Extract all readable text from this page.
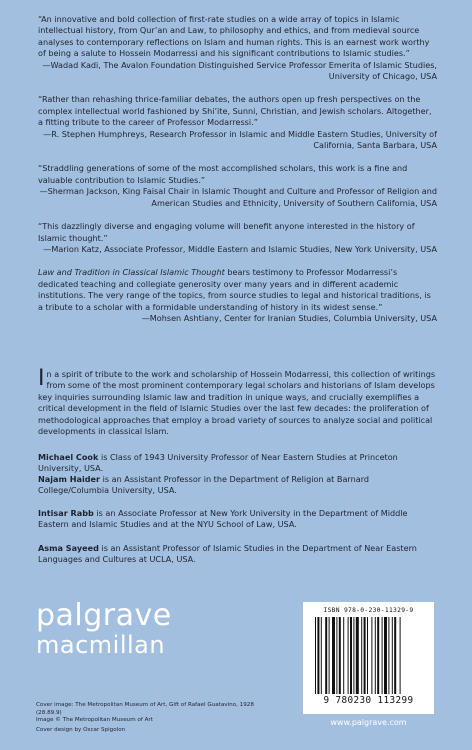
“An innovative and bold collection of first-rate studies on a wide array of topics in Islamic intellectual history, from Qur’an and Law, to philosophy and ethics, and from medieval source analyses to contemporary reflections on Islam and human rights. This is an earnest work worthy of being a salute to Hossein Modarressi and his significant contributions to Islamic studies.”
—Wadad Kadi, The Avalon Foundation Distinguished Service Professor Emerita of Islamic Studies, University of Chicago, USA
“Rather than rehashing thrice-familiar debates, the authors open up fresh perspectives on the complex intellectual world fashioned by Shi’ite, Sunni, Christian, and Jewish scholars. Altogether, a fitting tribute to the career of Professor Modarressi.”
—R. Stephen Humphreys, Research Professor in Islamic and Middle Eastern Studies, University of California, Santa Barbara, USA
“Straddling generations of some of the most accomplished scholars, this work is a fine and valuable contribution to Islamic Studies.”
—Sherman Jackson, King Faisal Chair in Islamic Thought and Culture and Professor of Religion and American Studies and Ethnicity, University of Southern California, USA
“This dazzlingly diverse and engaging volume will benefit anyone interested in the history of Islamic thought.”
—Marion Katz, Associate Professor, Middle Eastern and Islamic Studies, New York University, USA
Law and Tradition in Classical Islamic Thought bears testimony to Professor Modarressi’s dedicated teaching and collegiate generosity over many years and in different academic institutions. The very range of the topics, from source studies to legal and historical traditions, is a tribute to a scholar with a formidable understanding of history in its widest sense.”
—Mohsen Ashtiany, Center for Iranian Studies, Columbia University, USA
I n a spirit of tribute to the work and scholarship of Hossein Modarressi, this collection of writings from some of the most prominent contemporary legal scholars and historians of Islam develops key inquiries surrounding Islamic law and tradition in unique ways, and crucially exemplifies a critical development in the field of Islamic Studies over the last few decades: the proliferation of methodological approaches that employ a broad variety of sources to analyze social and political developments in classical Islam.
Michael Cook is Class of 1943 University Professor of Near Eastern Studies at Princeton University, USA.
Najam Haider is an Assistant Professor in the Department of Religion at Barnard College/Columbia University, USA.
Intisar Rabb is an Associate Professor at New York University in the Department of Middle Eastern and Islamic Studies and at the NYU School of Law, USA.
Asma Sayeed is an Assistant Professor of Islamic Studies in the Department of Near Eastern Languages and Cultures at UCLA, USA.
palgrave
macmillan
Cover image: The Metropolitan Museum of Art, Gift of Rafael Guatavino, 1928 (28.89.9)
Image © The Metropolitan Museum of Art
Cover design by Oscar Spigolon
ISBN 978-0-230-11329-9
9 780230 113299
www.palgrave.com
